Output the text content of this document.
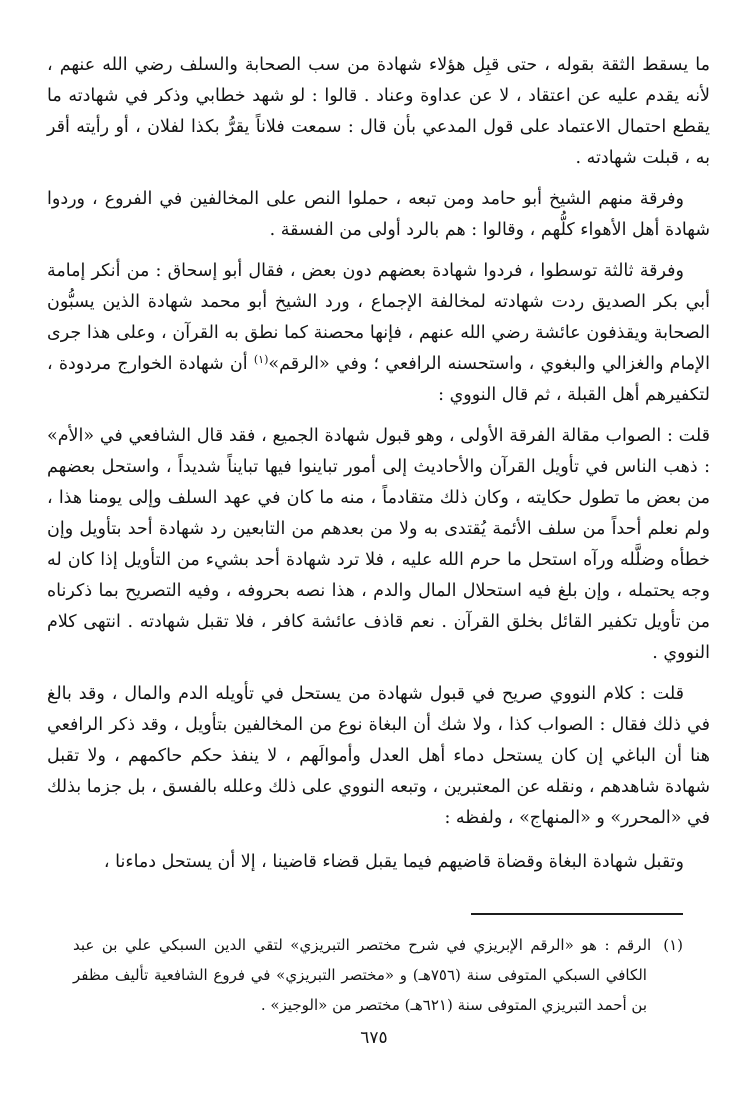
ما يسقط الثقة بقوله ، حتى قبِل هؤلاء شهادة من سب الصحابة والسلف رضي الله عنهم ، لأنه يقدم عليه عن اعتقاد ، لا عن عداوة وعناد . قالوا : لو شهد خطابي وذكر في شهادته ما يقطع احتمال الاعتماد على قول المدعي بأن قال : سمعت فلاناً يقرُّ بكذا لفلان ، أو رأيته أقر به ، قبلت شهادته .

وفرقة منهم الشيخ أبو حامد ومن تبعه ، حملوا النص على المخالفين في الفروع ، وردوا شهادة أهل الأهواء كلُّهم ، وقالوا : هم بالرد أولى من الفسقة .

وفرقة ثالثة توسطوا ، فردوا شهادة بعضهم دون بعض ، فقال أبو إسحاق : من أنكر إمامة أبي بكر الصديق ردت شهادته لمخالفة الإجماع ، ورد الشيخ أبو محمد شهادة الذين يسبُّون الصحابة ويقذفون عائشة رضي الله عنهم ، فإنها محصنة كما نطق به القرآن ، وعلى هذا جرى الإمام والغزالي والبغوي ، واستحسنه الرافعي ؛ وفي «الرقم»$^{(١)}$ أن شهادة الخوارج مردودة ، لتكفيرهم أهل القبلة ، ثم قال النووي :

قلت : الصواب مقالة الفرقة الأولى ، وهو قبول شهادة الجميع ، فقد قال الشافعي في «الأم» : ذهب الناس في تأويل القرآن والأحاديث إلى أمور تباينوا فيها تبايناً شديداً ، واستحل بعضهم من بعض ما تطول حكايته ، وكان ذلك متقادماً ، منه ما كان في عهد السلف وإلى يومنا هذا ، ولم نعلم أحداً من سلف الأئمة يُقتدى به ولا من بعدهم من التابعين رد شهادة أحد بتأويل وإن خطأه وضلَّله ورآه استحل ما حرم الله عليه ، فلا ترد شهادة أحد بشيء من التأويل إذا كان له وجه يحتمله ، وإن بلغ فيه استحلال المال والدم ، هذا نصه بحروفه ، وفيه التصريح بما ذكرناه من تأويل تكفير القائل بخلق القرآن . نعم قاذف عائشة كافر ، فلا تقبل شهادته . انتهى كلام النووي .

قلت : كلام النووي صريح في قبول شهادة من يستحل في تأويله الدم والمال ، وقد بالغ في ذلك فقال : الصواب كذا ، ولا شك أن البغاة نوع من المخالفين بتأويل ، وقد ذكر الرافعي هنا أن الباغي إن كان يستحل دماء أهل العدل وأموالَهم ، لا ينفذ حكم حاكمهم ، ولا تقبل شهادة شاهدهم ، ونقله عن المعتبرين ، وتبعه النووي على ذلك وعلله بالفسق ، بل جزما بذلك في «المحرر» و «المنهاج» ، ولفظه :

وتقبل شهادة البغاة وقضاة قاضيهم فيما يقبل قضاء قاضينا ، إلا أن يستحل دماءنا ،

(١)الرقم : هو «الرقم الإبريزي في شرح مختصر التبريزي» لتقي الدين السبكي علي بن عبد الكافي السبكي المتوفى سنة (٧٥٦هـ) و «مختصر التبريزي» في فروع الشافعية تأليف مظفر بن أحمد التبريزي المتوفى سنة (٦٢١هـ) مختصر من «الوجيز» .
٦٧٥
